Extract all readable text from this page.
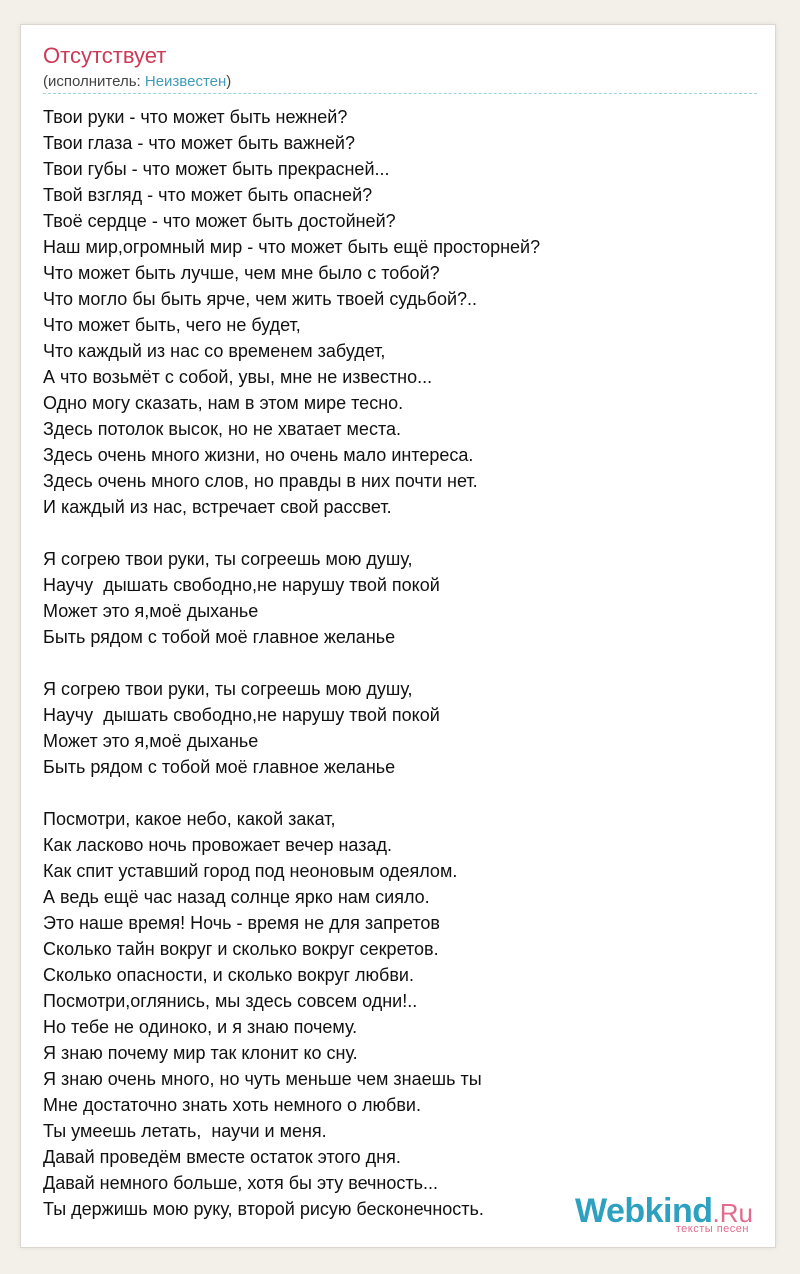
Отсутствует
(исполнитель: Неизвестен)
Твои руки - что может быть нежней?
Твои глаза - что может быть важней?
Твои губы - что может быть прекрасней...
Твой взгляд - что может быть опасней?
Твоё сердце - что может быть достойней?
Наш мир,огромный мир - что может быть ещё просторней?
Что может быть лучше, чем мне было с тобой?
Что могло бы быть ярче, чем жить твоей судьбой?..
Что может быть, чего не будет,
Что каждый из нас со временем забудет,
А что возьмёт с собой, увы, мне не известно...
Одно могу сказать, нам в этом мире тесно.
Здесь потолок высок, но не хватает места.
Здесь очень много жизни, но очень мало интереса.
Здесь очень много слов, но правды в них почти нет.
И каждый из нас, встречает свой рассвет.
Я согрею твои руки, ты согреешь мою душу,
Научу  дышать свободно,не нарушу твой покой
Может это я,моё дыханье
Быть рядом с тобой моё главное желанье
Я согрею твои руки, ты согреешь мою душу,
Научу  дышать свободно,не нарушу твой покой
Может это я,моё дыханье
Быть рядом с тобой моё главное желанье
Посмотри, какое небо, какой закат,
Как ласково ночь провожает вечер назад.
Как спит уставший город под неоновым одеялом.
А ведь ещё час назад солнце ярко нам сияло.
Это наше время! Ночь - время не для запретов
Сколько тайн вокруг и сколько вокруг секретов.
Сколько опасности, и сколько вокруг любви.
Посмотри,оглянись, мы здесь совсем одни!..
Но тебе не одиноко, и я знаю почему.
Я знаю почему мир так клонит ко сну.
Я знаю очень много, но чуть меньше чем знаешь ты
Мне достаточно знать хоть немного о любви.
Ты умеешь летать,  научи и меня.
Давай проведём вместе остаток этого дня.
Давай немного больше, хотя бы эту вечность...
Ты держишь мою руку, второй рисую бесконечность.	Webkind.Ru
тексты песен
